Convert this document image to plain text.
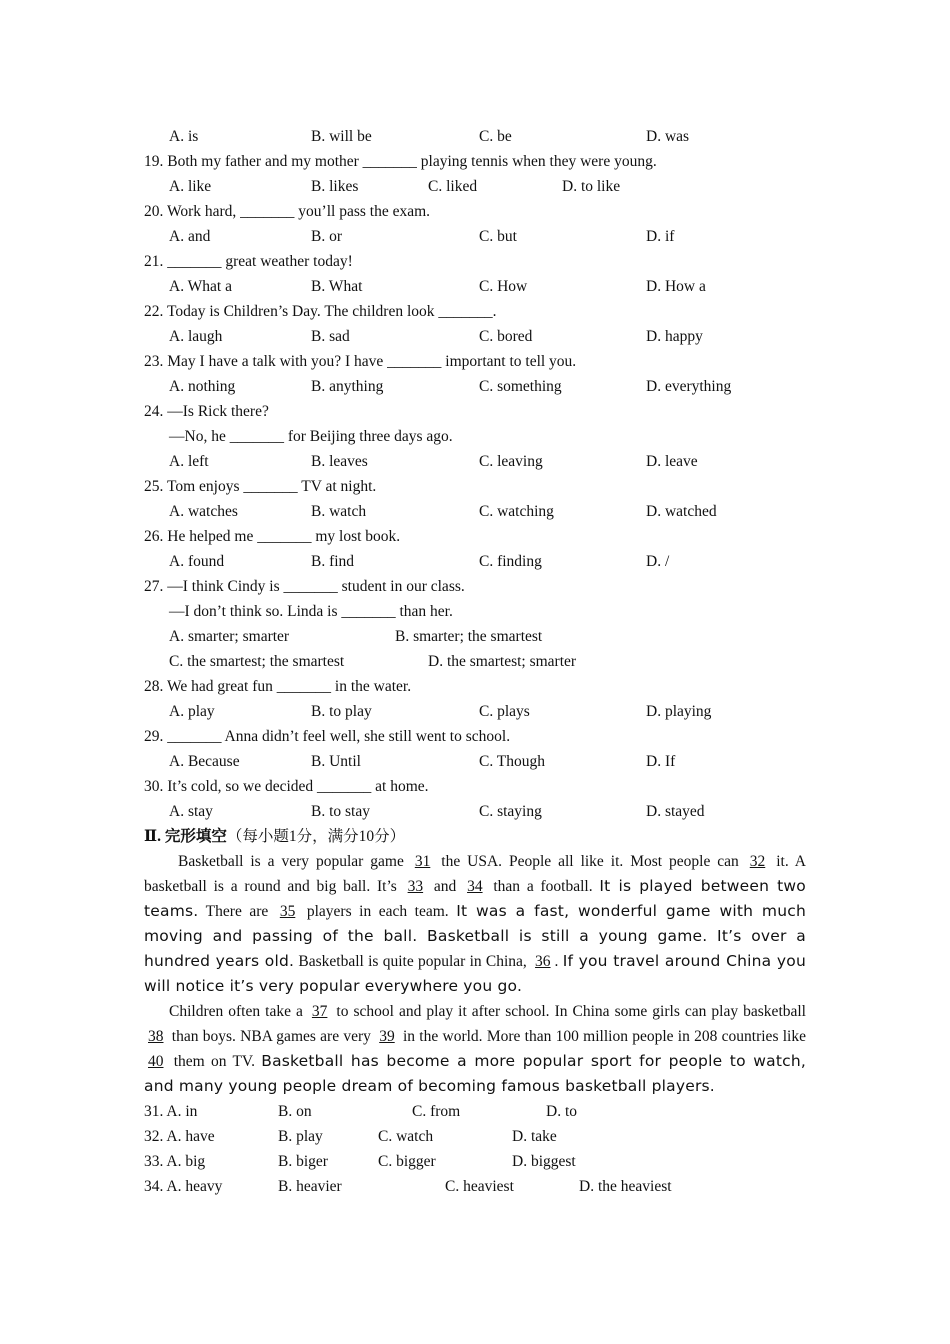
A. is	B. will be	C. be	D. was
19. Both my father and my mother _______ playing tennis when they were young.
A. like	B. likes	C. liked	D. to like
20. Work hard, _______ you’ll pass the exam.
A. and	B. or	C. but	D. if
21. _______ great weather today!
A. What a	B. What	C. How	D. How a
22. Today is Children’s Day. The children look _______.
A. laugh	B. sad	C. bored	D. happy
23. May I have a talk with you? I have _______ important to tell you.
A. nothing	B. anything	C. something	D. everything
24. —Is Rick there?
—No, he _______ for Beijing three days ago.
A. left	B. leaves	C. leaving	D. leave
25. Tom enjoys _______ TV at night.
A. watches	B. watch	C. watching	D. watched
26. He helped me _______ my lost book.
A. found	B. find	C. finding	D. /
27. —I think Cindy is _______ student in our class.
—I don’t think so. Linda is _______ than her.
A. smarter; smarter	B. smarter; the smartest
C. the smartest; the smartest	D. the smartest; smarter
28. We had great fun _______ in the water.
A. play	B. to play	C. plays	D. playing
29. _______ Anna didn’t feel well, she still went to school.
A. Because	B. Until	C. Though	D. If
30. It’s cold, so we decided _______ at home.
A. stay	B. to stay	C. staying	D. stayed
Ⅱ. 完形填空（每小题1分，满分10分）
Basketball is a very popular game 31 the USA. People all like it. Most people can 32 it. A basketball is a round and big ball. It’s 33 and 34 than a football. It is played between two teams. There are 35 players in each team. It was a fast, wonderful game with much moving and passing of the ball. Basketball is still a young game. It’s over a hundred years old. Basketball is quite popular in China, 36 . If you travel around China you will notice it’s very popular everywhere you go.
Children often take a 37 to school and play it after school. In China some girls can play basketball 38 than boys. NBA games are very 39 in the world. More than 100 million people in 208 countries like 40 them on TV. Basketball has become a more popular sport for people to watch, and many young people dream of becoming famous basketball players.
31. A. in	B. on	C. from	D. to
32. A. have	B. play	C. watch	D. take
33. A. big	B. biger	C. bigger	D. biggest
34. A. heavy	B. heavier	C. heaviest	D. the heaviest
